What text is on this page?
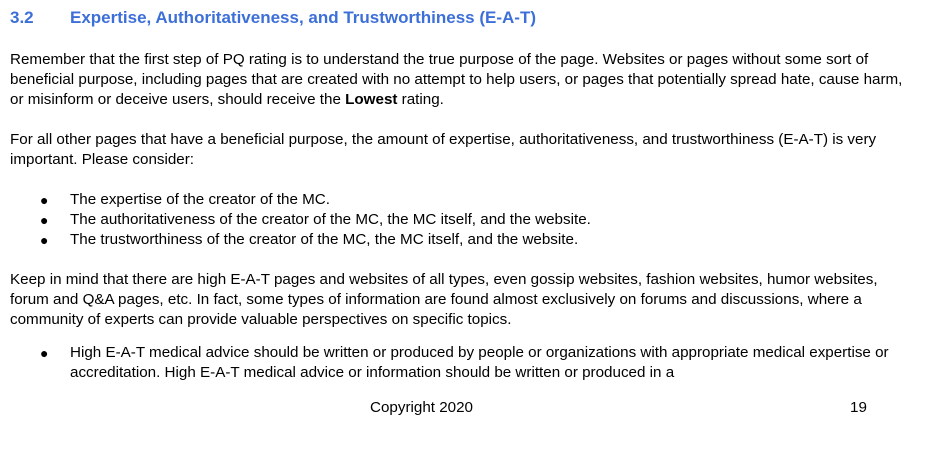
3.2 Expertise, Authoritativeness, and Trustworthiness (E-A-T)

Remember that the first step of PQ rating is to understand the true purpose of the page. Websites or pages without some sort of beneficial purpose, including pages that are created with no attempt to help users, or pages that potentially spread hate, cause harm, or misinform or deceive users, should receive the Lowest rating.

For all other pages that have a beneficial purpose, the amount of expertise, authoritativeness, and trustworthiness (E-A-T) is very important. Please consider:

● The expertise of the creator of the MC.
● The authoritativeness of the creator of the MC, the MC itself, and the website.
● The trustworthiness of the creator of the MC, the MC itself, and the website.

Keep in mind that there are high E-A-T pages and websites of all types, even gossip websites, fashion websites, humor websites, forum and Q&A pages, etc. In fact, some types of information are found almost exclusively on forums and discussions, where a community of experts can provide valuable perspectives on specific topics.

● High E-A-T medical advice should be written or produced by people or organizations with appropriate medical expertise or accreditation. High E-A-T medical advice or information should be written or produced in a
Copyright 2020	19
